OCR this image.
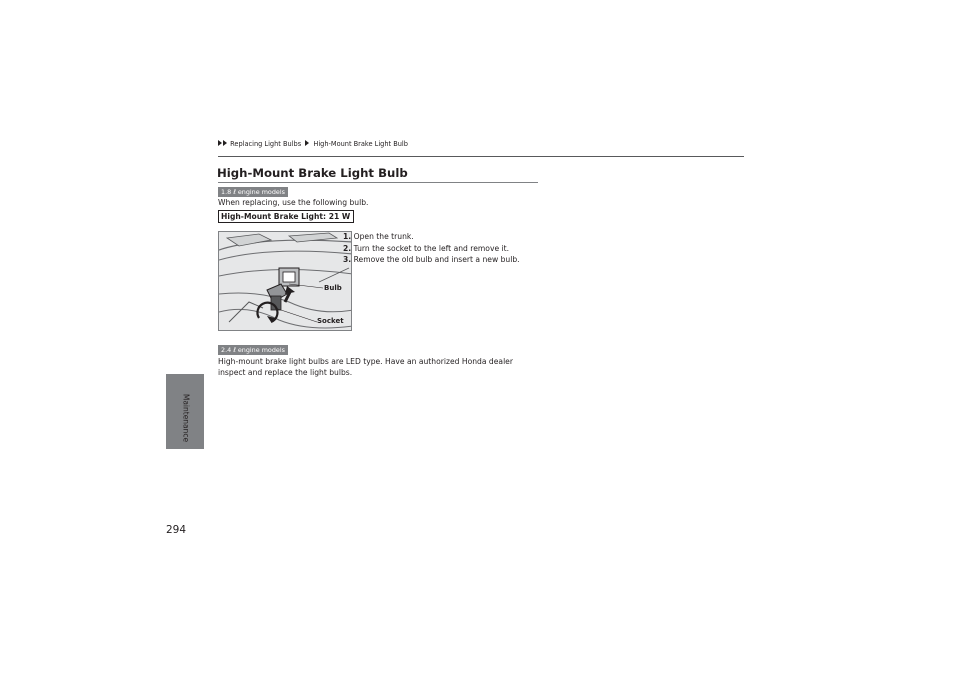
Replacing Light Bulbs High-Mount Brake Light Bulb
Maintenance
294
High-Mount Brake Light Bulb
1.8 ℓ engine models
When replacing, use the following bulb.
High-Mount Brake Light: 21 W
Bulb
Socket
1. Open the trunk.
2. Turn the socket to the left and remove it.
3. Remove the old bulb and insert a new bulb.
2.4 ℓ engine models
High-mount brake light bulbs are LED type. Have an authorized Honda dealer inspect and replace the light bulbs.
